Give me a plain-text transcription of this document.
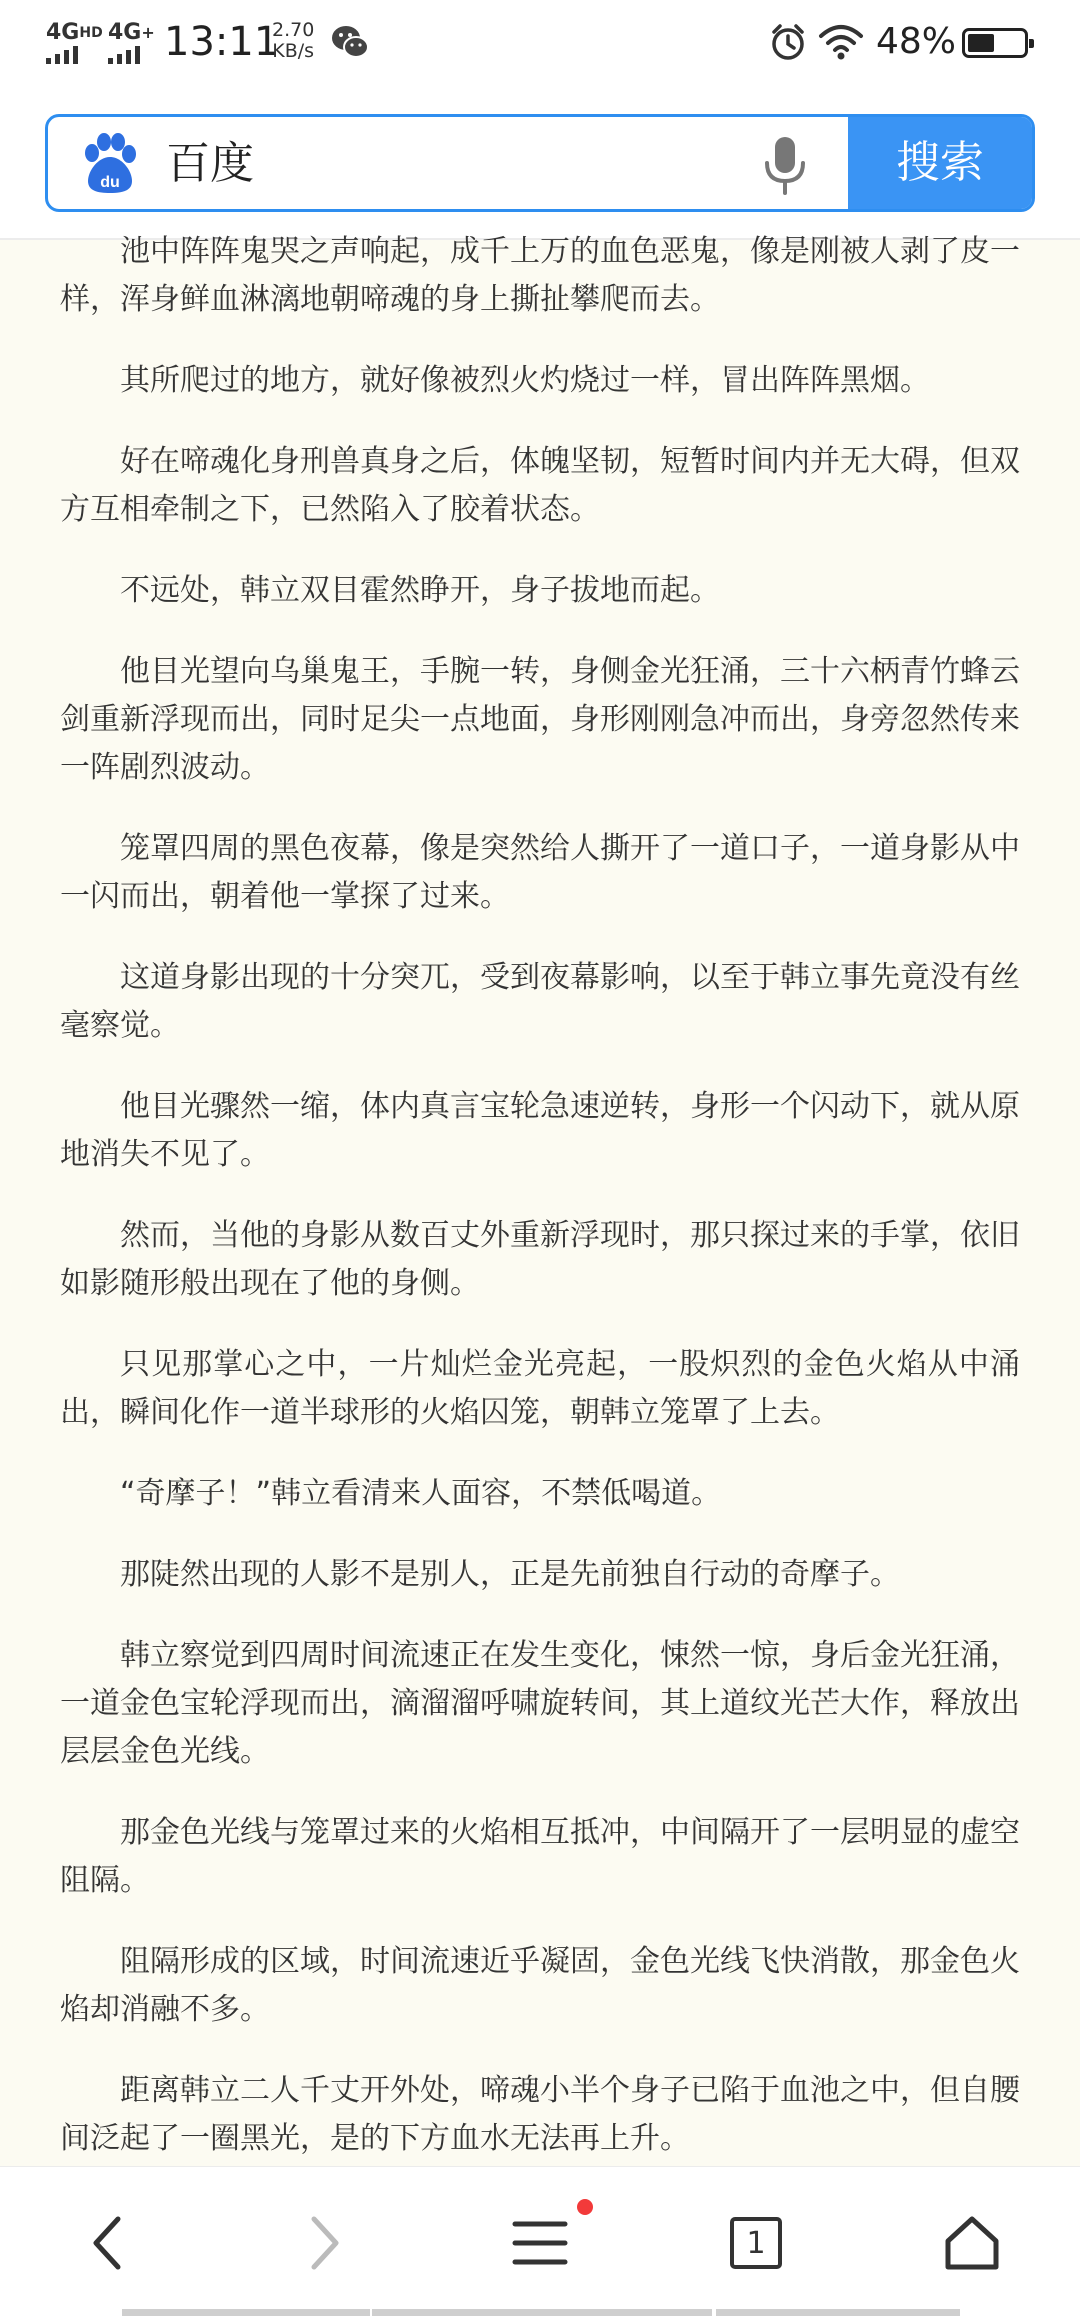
$4G^{HD}$ 4G+ 13:11
2.70
KB/s	48%
du 百度	搜索

池中阵阵鬼哭之声响起，成千上万的血色恶鬼，像是刚被人剥了皮一样，浑身鲜血淋漓地朝啼魂的身上撕扯攀爬而去。

其所爬过的地方，就好像被烈火灼烧过一样，冒出阵阵黑烟。

好在啼魂化身刑兽真身之后，体魄坚韧，短暂时间内并无大碍，但双方互相牵制之下，已然陷入了胶着状态。

不远处，韩立双目霍然睁开，身子拔地而起。

他目光望向乌巢鬼王，手腕一转，身侧金光狂涌，三十六柄青竹蜂云剑重新浮现而出，同时足尖一点地面，身形刚刚急冲而出，身旁忽然传来一阵剧烈波动。

笼罩四周的黑色夜幕，像是突然给人撕开了一道口子，一道身影从中一闪而出，朝着他一掌探了过来。

这道身影出现的十分突兀，受到夜幕影响，以至于韩立事先竟没有丝毫察觉。

他目光骤然一缩，体内真言宝轮急速逆转，身形一个闪动下，就从原地消失不见了。

然而，当他的身影从数百丈外重新浮现时，那只探过来的手掌，依旧如影随形般出现在了他的身侧。

只见那掌心之中，一片灿烂金光亮起，一股炽烈的金色火焰从中涌出，瞬间化作一道半球形的火焰囚笼，朝韩立笼罩了上去。

“奇摩子！”韩立看清来人面容，不禁低喝道。

那陡然出现的人影不是别人，正是先前独自行动的奇摩子。

韩立察觉到四周时间流速正在发生变化，悚然一惊，身后金光狂涌，一道金色宝轮浮现而出，滴溜溜呼啸旋转间，其上道纹光芒大作，释放出层层金色光线。

那金色光线与笼罩过来的火焰相互抵冲，中间隔开了一层明显的虚空阻隔。

阻隔形成的区域，时间流速近乎凝固，金色光线飞快消散，那金色火焰却消融不多。

距离韩立二人千丈开外处，啼魂小半个身子已陷于血池之中，但自腰间泛起了一圈黑光，是的下方血水无法再上升。

1
